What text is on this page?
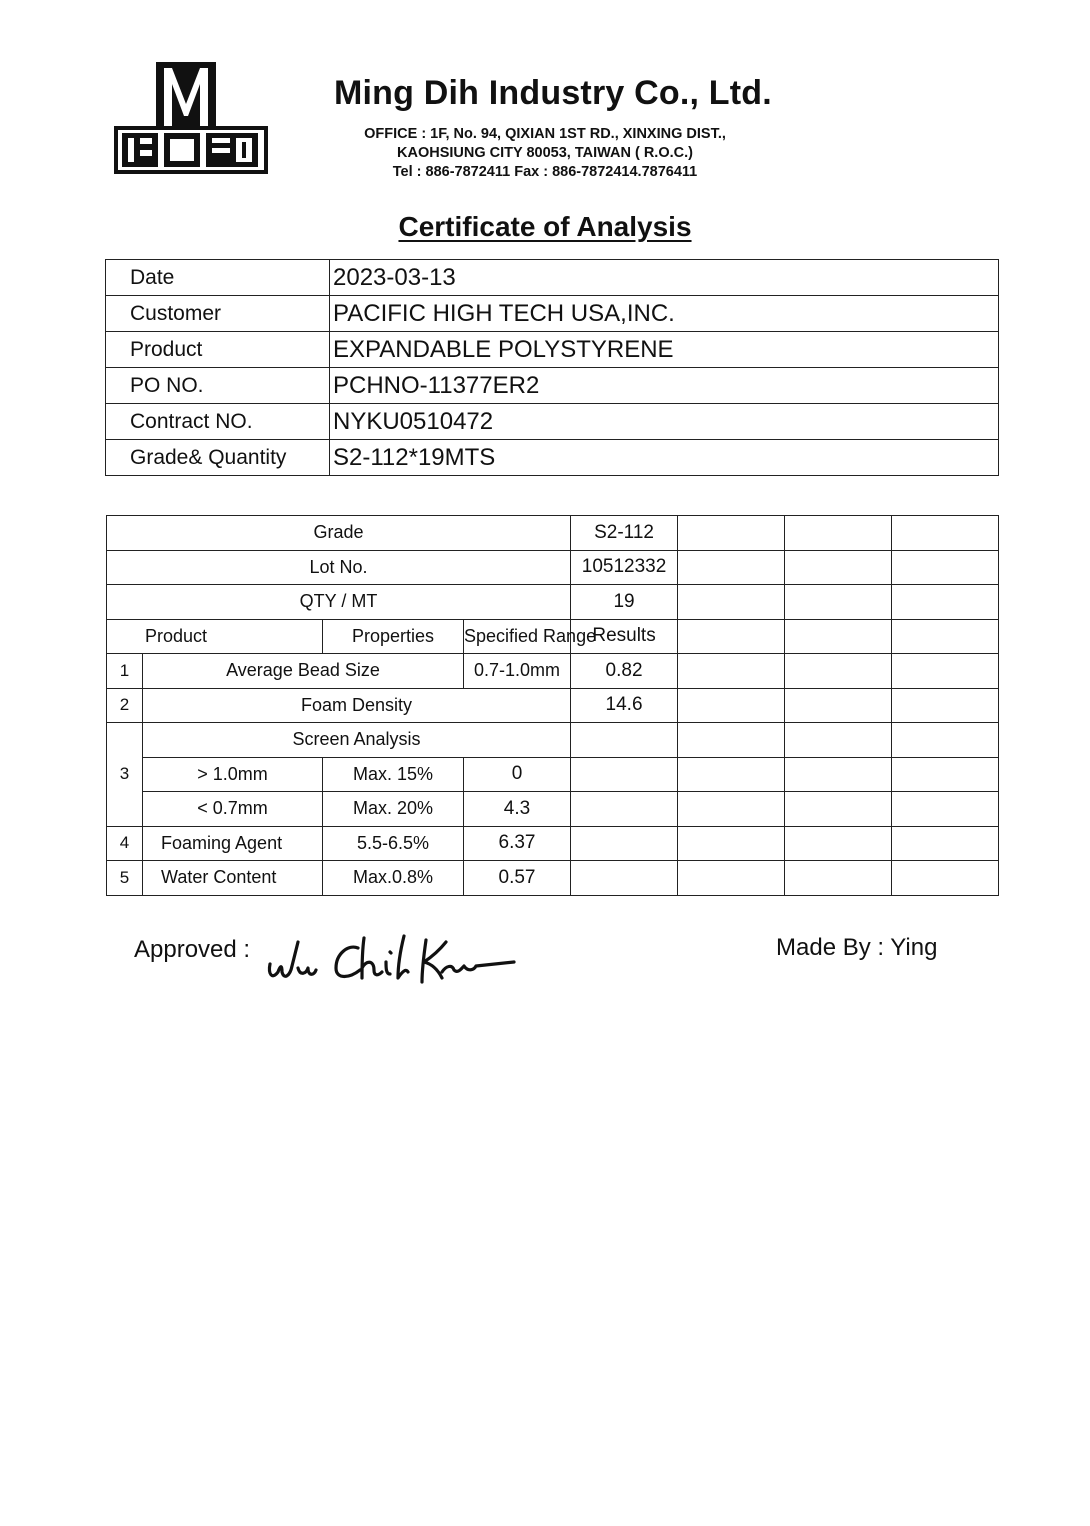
Ming Dih Industry Co., Ltd.
OFFICE : 1F, No. 94, QIXIAN 1ST RD., XINXING DIST.,
KAOHSIUNG CITY 80053, TAIWAN ( R.O.C.)
Tel : 886-7872411 Fax : 886-7872414.7876411
Certificate of Analysis
Date	2023-03-13
Customer	PACIFIC HIGH TECH USA,INC.
Product	EXPANDABLE POLYSTYRENE
PO NO.	PCHNO-11377ER2
Contract NO.	NYKU0510472
Grade& Quantity	S2-112*19MTS
Grade				S2-112				
Lot No.				10512332				
QTY / MT				19				
Product		Properties	Specified Range	Results				
1	Average Bead Size		0.7-1.0mm	0.82				
2	Foam Density			14.6				
3	Screen Analysis							
	> 1.0mm	Max. 15%	0					
	< 0.7mm	Max. 20%	4.3					
4	Foaming Agent	5.5-6.5%	6.37					
5	Water Content	Max.0.8%	0.57					
Approved :	Made By : Ying
